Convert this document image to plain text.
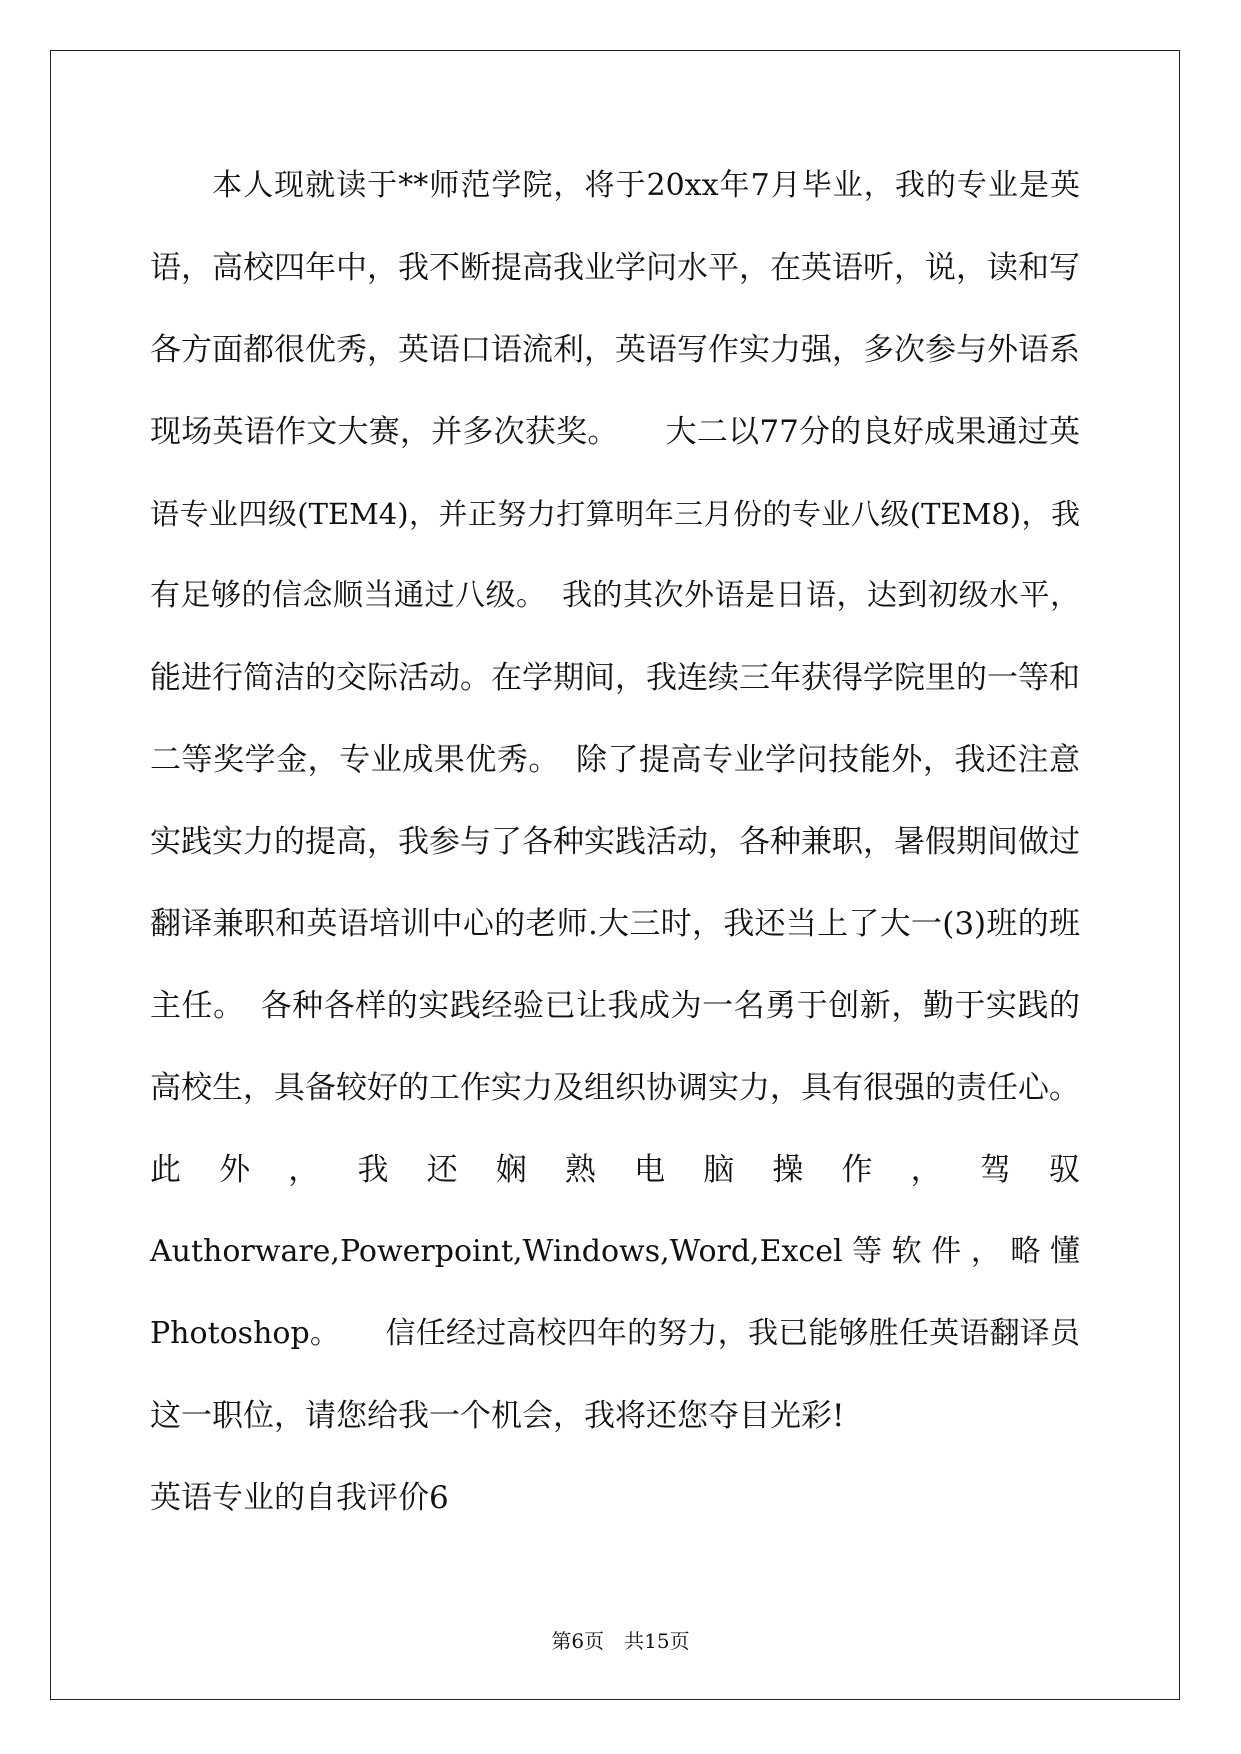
　　本人现就读于**师范学院，将于20xx年7月毕业，我的专业是英
语，高校四年中，我不断提高我业学问水平，在英语听，说，读和写
各方面都很优秀，英语口语流利，英语写作实力强，多次参与外语系
现场英语作文大赛，并多次获奖。　　大二以77分的良好成果通过英
语专业四级(TEM4)，并正努力打算明年三月份的专业八级(TEM8)，我
有足够的信念顺当通过八级。　我的其次外语是日语，达到初级水平，
能进行简洁的交际活动。在学期间，我连续三年获得学院里的一等和
二等奖学金，专业成果优秀。　除了提高专业学问技能外，我还注意
实践实力的提高，我参与了各种实践活动，各种兼职，暑假期间做过
翻译兼职和英语培训中心的老师.大三时，我还当上了大一(3)班的班
主任。　各种各样的实践经验已让我成为一名勇于创新，勤于实践的
高校生，具备较好的工作实力及组织协调实力，具有很强的责任心。
此 外 ， 我 还 娴 熟 电 脑 操 作 ， 驾 驭
Authorware,Powerpoint,Windows,Word,Excel 等 软 件 ， 略 懂
Photoshop。　　信任经过高校四年的努力，我已能够胜任英语翻译员
这一职位，请您给我一个机会，我将还您夺目光彩!
英语专业的自我评价6
第6页　共15页
